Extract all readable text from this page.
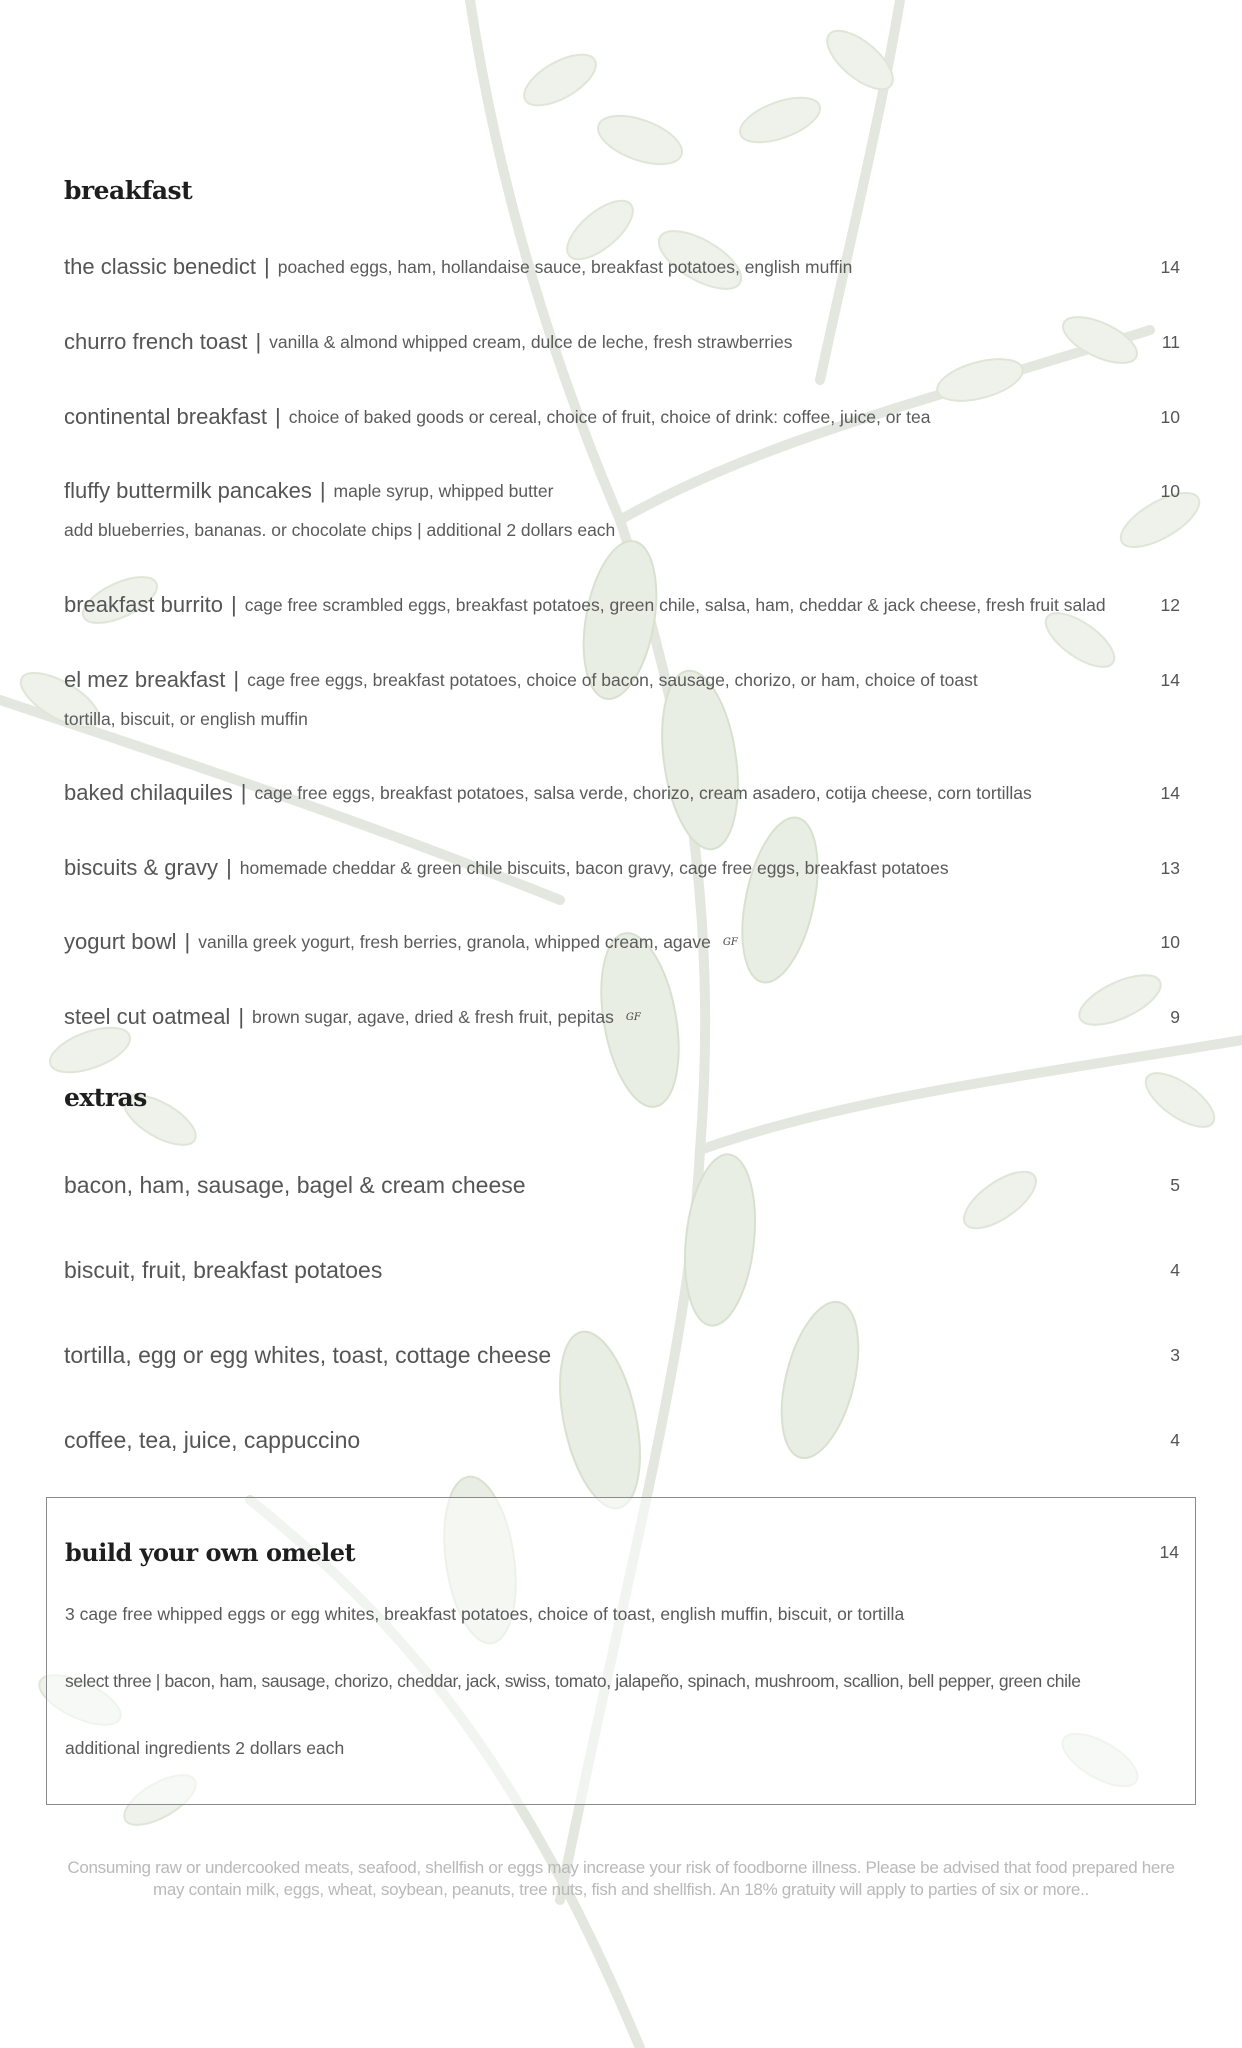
breakfast
the classic benedict | poached eggs, ham, hollandaise sauce, breakfast potatoes, english muffin	14
churro french toast | vanilla & almond whipped cream, dulce de leche, fresh strawberries	11
continental breakfast | choice of baked goods or cereal, choice of fruit, choice of drink: coffee, juice, or tea	10
fluffy buttermilk pancakes | maple syrup, whipped butter	10
add blueberries, bananas. or chocolate chips | additional 2 dollars each
breakfast burrito | cage free scrambled eggs, breakfast potatoes, green chile, salsa, ham, cheddar & jack cheese, fresh fruit salad	12
el mez breakfast | cage free eggs, breakfast potatoes, choice of bacon, sausage, chorizo, or ham, choice of toast	14
tortilla, biscuit, or english muffin
baked chilaquiles | cage free eggs, breakfast potatoes, salsa verde, chorizo, cream asadero, cotija cheese, corn tortillas	14
biscuits & gravy | homemade cheddar & green chile biscuits, bacon gravy, cage free eggs, breakfast potatoes	13
yogurt bowl | vanilla greek yogurt, fresh berries, granola, whipped cream, agave GF	10
steel cut oatmeal | brown sugar, agave, dried & fresh fruit, pepitas GF	9
extras
bacon, ham, sausage, bagel & cream cheese	5
biscuit, fruit, breakfast potatoes	4
tortilla, egg or egg whites, toast, cottage cheese	3
coffee, tea, juice, cappuccino	4
build your own omelet	14
3 cage free whipped eggs or egg whites, breakfast potatoes, choice of toast, english muffin, biscuit, or tortilla
select three | bacon, ham, sausage, chorizo, cheddar, jack, swiss, tomato, jalapeño, spinach, mushroom, scallion, bell pepper, green chile
additional ingredients 2 dollars each
Consuming raw or undercooked meats, seafood, shellfish or eggs may increase your risk of foodborne illness. Please be advised that food prepared here
may contain milk, eggs, wheat, soybean, peanuts, tree nuts, fish and shellfish. An 18% gratuity will apply to parties of six or more..
